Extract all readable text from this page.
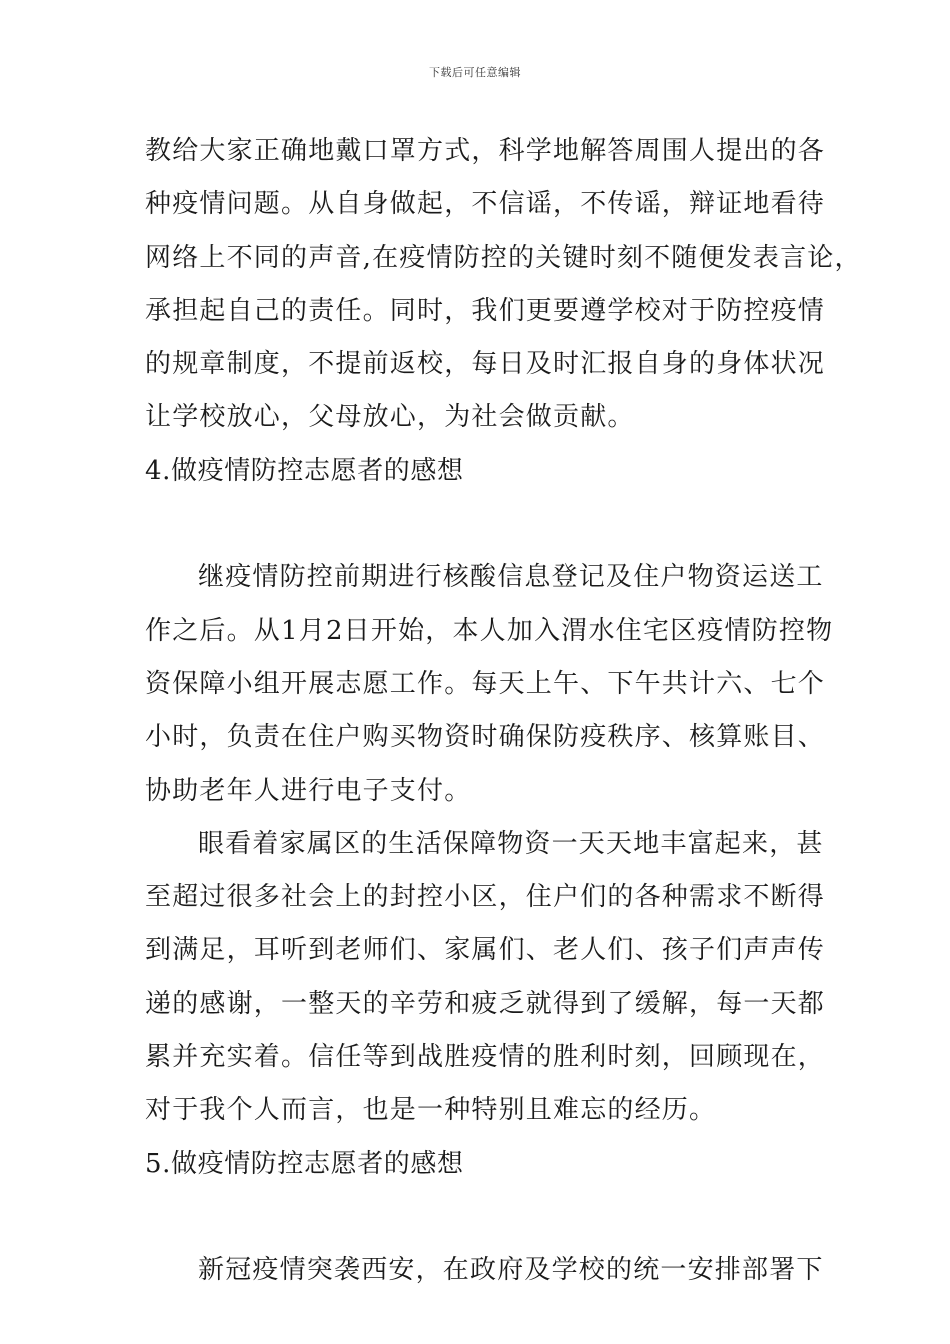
下载后可任意编辑
教给大家正确地戴口罩方式，科学地解答周围人提出的各
种疫情问题。从自身做起，不信谣，不传谣，辩证地看待
网络上不同的声音,在疫情防控的关键时刻不随便发表言论，
承担起自己的责任。同时，我们更要遵学校对于防控疫情
的规章制度，不提前返校，每日及时汇报自身的身体状况
让学校放心，父母放心，为社会做贡献。
4.做疫情防控志愿者的感想
继疫情防控前期进行核酸信息登记及住户物资运送工
作之后。从1月2日开始，本人加入渭水住宅区疫情防控物
资保障小组开展志愿工作。每天上午、下午共计六、七个
小时，负责在住户购买物资时确保防疫秩序、核算账目、
协助老年人进行电子支付。
眼看着家属区的生活保障物资一天天地丰富起来，甚
至超过很多社会上的封控小区，住户们的各种需求不断得
到满足，耳听到老师们、家属们、老人们、孩子们声声传
递的感谢，一整天的辛劳和疲乏就得到了缓解，每一天都
累并充实着。信任等到战胜疫情的胜利时刻，回顾现在，
对于我个人而言，也是一种特别且难忘的经历。
5.做疫情防控志愿者的感想
新冠疫情突袭西安，在政府及学校的统一安排部署下
